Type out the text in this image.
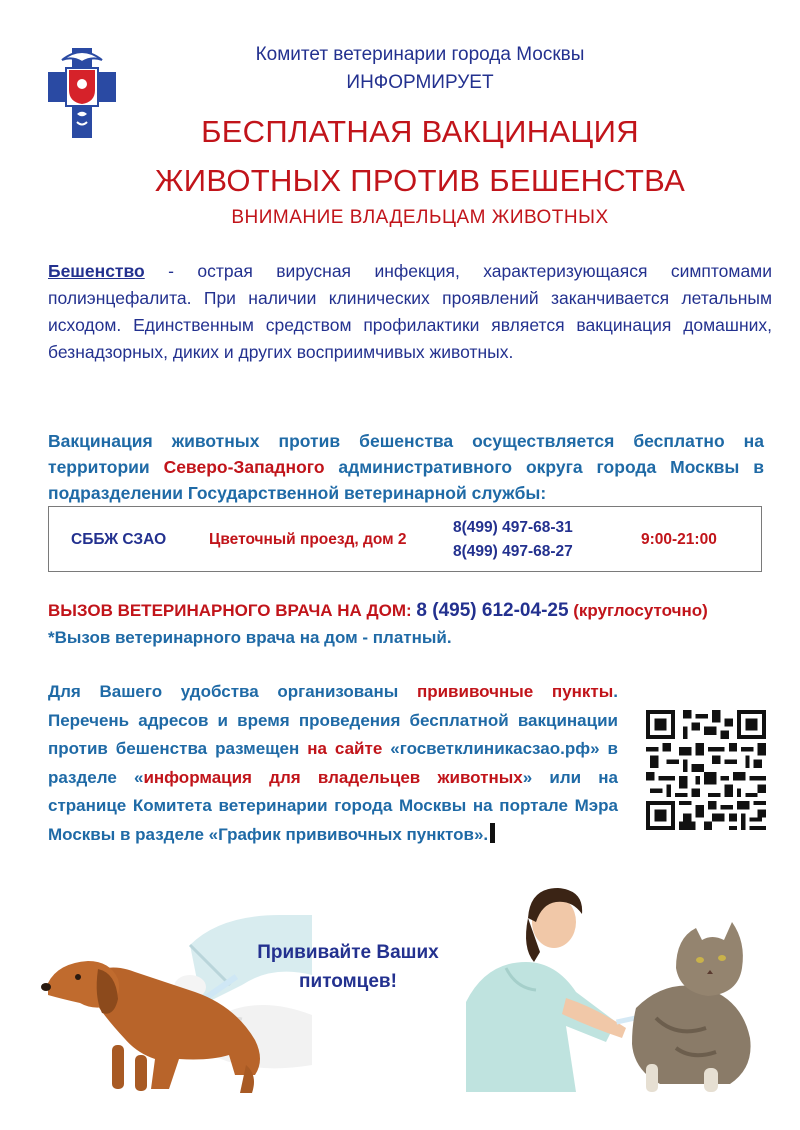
Комитет ветеринарии города Москвы
ИНФОРМИРУЕТ
БЕСПЛАТНАЯ ВАКЦИНАЦИЯ
ЖИВОТНЫХ ПРОТИВ БЕШЕНСТВА
ВНИМАНИЕ ВЛАДЕЛЬЦАМ ЖИВОТНЫХ
Бешенство - острая вирусная инфекция, характеризующаяся симптомами полиэнцефалита. При наличии клинических проявлений заканчивается летальным исходом. Единственным средством профилактики является вакцинация домашних, безнадзорных, диких и других восприимчивых животных.
Вакцинация животных против бешенства осуществляется бесплатно на территории Северо-Западного административного округа города Москвы в подразделении Государственной ветеринарной службы:
СББЖ СЗАО	Цветочный проезд, дом 2
8(499) 497-68-31
8(499) 497-68-27
9:00-21:00
ВЫЗОВ ВЕТЕРИНАРНОГО ВРАЧА НА ДОМ: 8 (495) 612-04-25 (круглосуточно)
*Вызов ветеринарного врача на дом - платный.
Для Вашего удобства организованы прививочные пункты. Перечень адресов и время проведения бесплатной вакцинации против бешенства размещен на сайте «госветклиникасзао.рф» в разделе «информация для владельцев животных» или на странице Комитета ветеринарии города Москвы на портале Мэра Москвы в разделе «График прививочных пунктов».
Прививайте Ваших
питомцев!
